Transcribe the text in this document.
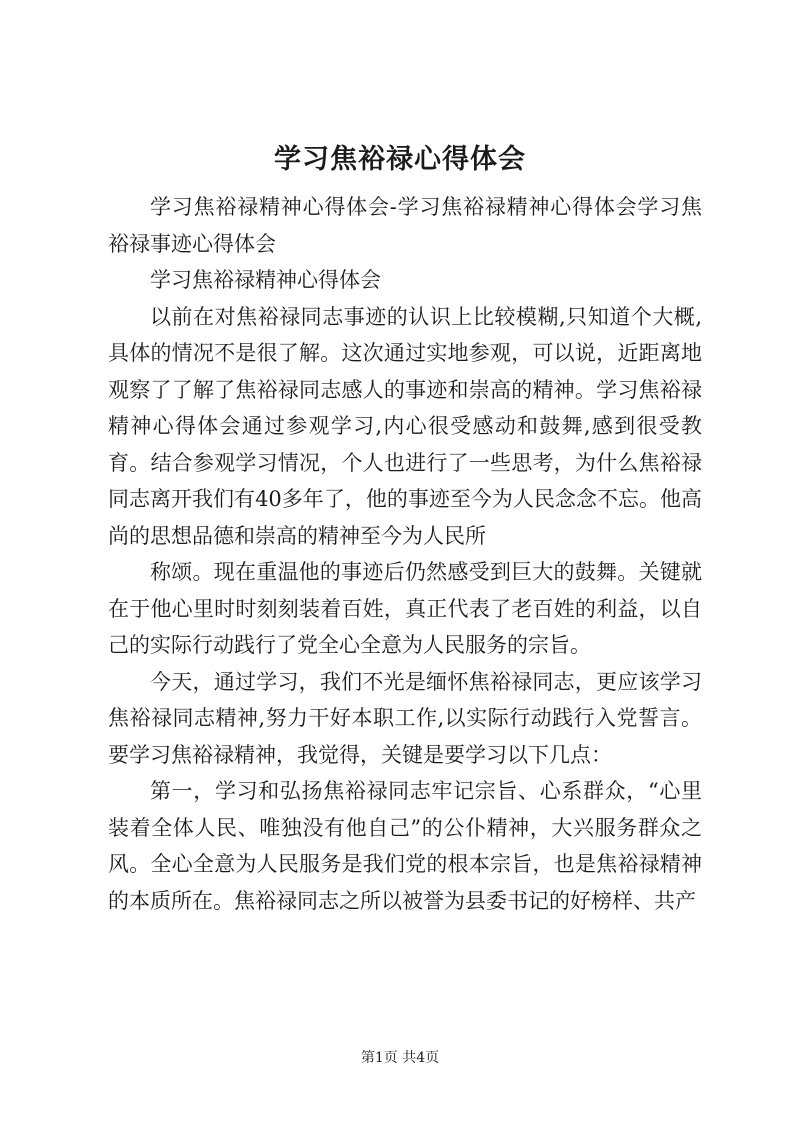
学习焦裕禄心得体会

学习焦裕禄精神心得体会-学习焦裕禄精神心得体会学习焦裕禄事迹心得体会

学习焦裕禄精神心得体会

以前在对焦裕禄同志事迹的认识上比较模糊,只知道个大概,具体的情况不是很了解。这次通过实地参观，可以说，近距离地观察了了解了焦裕禄同志感人的事迹和崇高的精神。学习焦裕禄精神心得体会通过参观学习,内心很受感动和鼓舞,感到很受教育。结合参观学习情况，个人也进行了一些思考，为什么焦裕禄同志离开我们有40多年了，他的事迹至今为人民念念不忘。他高尚的思想品德和崇高的精神至今为人民所

称颂。现在重温他的事迹后仍然感受到巨大的鼓舞。关键就在于他心里时时刻刻装着百姓，真正代表了老百姓的利益，以自己的实际行动践行了党全心全意为人民服务的宗旨。

今天，通过学习，我们不光是缅怀焦裕禄同志，更应该学习焦裕禄同志精神,努力干好本职工作,以实际行动践行入党誓言。要学习焦裕禄精神，我觉得，关键是要学习以下几点：

第一，学习和弘扬焦裕禄同志牢记宗旨、心系群众，“心里装着全体人民、唯独没有他自己”的公仆精神，大兴服务群众之风。全心全意为人民服务是我们党的根本宗旨，也是焦裕禄精神的本质所在。焦裕禄同志之所以被誉为县委书记的好榜样、共产

第1页 共4页
